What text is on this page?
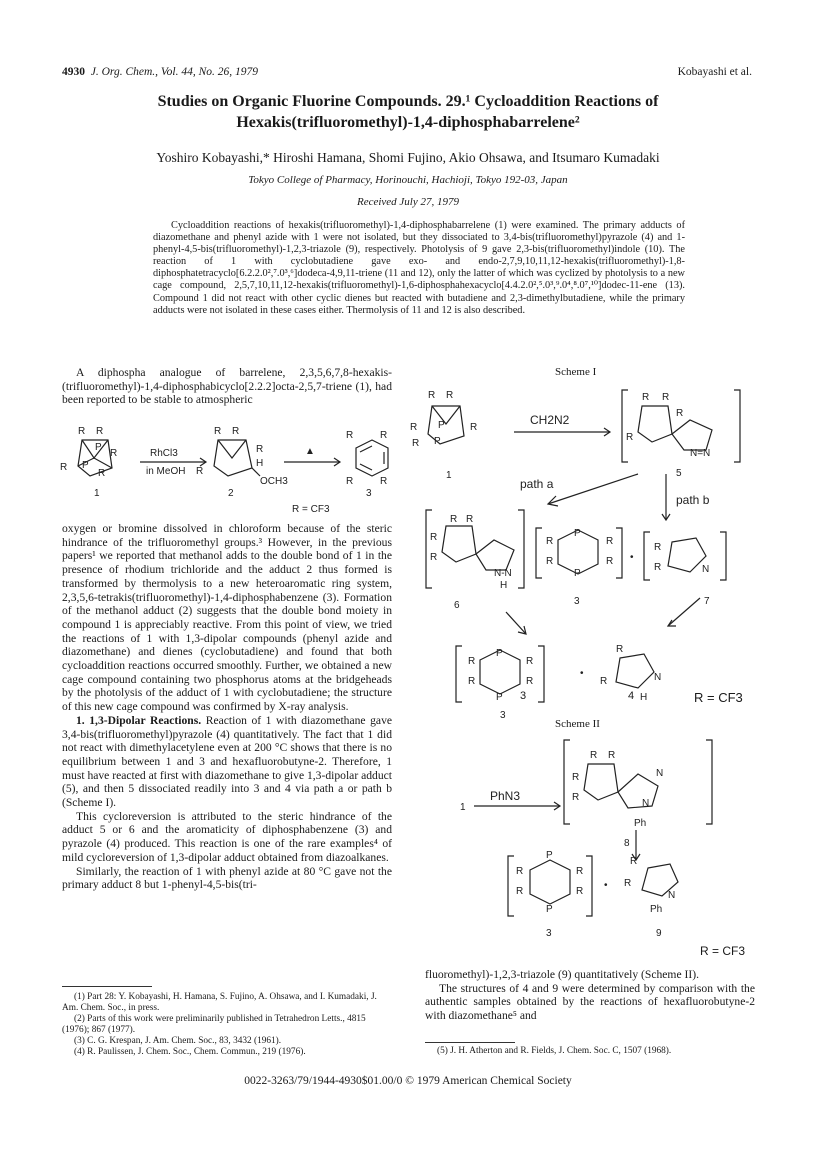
4930 J. Org. Chem., Vol. 44, No. 26, 1979	Kobayashi et al.
Studies on Organic Fluorine Compounds. 29.¹ Cycloaddition Reactions of
Hexakis(trifluoromethyl)-1,4-diphosphabarrelene²
Yoshiro Kobayashi,* Hiroshi Hamana, Shomi Fujino, Akio Ohsawa, and Itsumaro Kumadaki
Tokyo College of Pharmacy, Horinouchi, Hachioji, Tokyo 192-03, Japan
Received July 27, 1979
Cycloaddition reactions of hexakis(trifluoromethyl)-1,4-diphosphabarrelene (1) were examined. The primary adducts of diazomethane and phenyl azide with 1 were not isolated, but they dissociated to 3,4-bis(trifluoromethyl)pyrazole (4) and 1-phenyl-4,5-bis(trifluoromethyl)-1,2,3-triazole (9), respectively. Photolysis of 9 gave 2,3-bis(trifluoromethyl)indole (10). The reaction of 1 with cyclobutadiene gave exo- and endo-2,7,9,10,11,12-hexakis(trifluoromethyl)-1,8-diphosphatetracyclo[6.2.2.0²,⁷.0³,⁶]dodeca-4,9,11-triene (11 and 12), only the latter of which was cyclized by photolysis to a new cage compound, 2,5,7,10,11,12-hexakis(trifluoromethyl)-1,6-diphosphahexacyclo[4.4.2.0²,⁵.0³,⁹.0⁴,⁸.0⁷,¹⁰]dodec-11-ene (13). Compound 1 did not react with other cyclic dienes but reacted with butadiene and 2,3-dimethylbutadiene, while the primary adducts were not isolated in these cases either. Thermolysis of 11 and 12 is also described.

A diphospha analogue of barrelene, 2,3,5,6,7,8-hexakis-(trifluoromethyl)-1,4-diphosphabicyclo[2.2.2]octa-2,5,7-triene (1), had been reported to be stable to atmospheric

R R
R
R P
R
P
RhCl3
in MeOH
R R
R
R
H
OCH3
▲
R	R
R	R
1	2	3
R = CF3

oxygen or bromine dissolved in chloroform because of the steric hindrance of the trifluoromethyl groups.³ However, in the previous papers¹ we reported that methanol adds to the double bond of 1 in the presence of rhodium trichloride and the adduct 2 thus formed is transformed by thermolysis to a new heteroaromatic ring system, 2,3,5,6-tetrakis(trifluoromethyl)-1,4-diphosphabenzene (3). Formation of the methanol adduct (2) suggests that the double bond moiety in compound 1 is appreciably reactive. From this point of view, we tried the reactions of 1 with 1,3-dipolar compounds (phenyl azide and diazomethane) and dienes (cyclobutadiene) and found that both cycloaddition reactions occurred smoothly. Further, we obtained a new cage compound containing two phosphorus atoms at the bridgeheads by the photolysis of the adduct of 1 with cyclobutadiene; the structure of this new cage compound was confirmed by X-ray analysis.

1. 1,3-Dipolar Reactions. Reaction of 1 with diazomethane gave 3,4-bis(trifluoromethyl)pyrazole (4) quantitatively. The fact that 1 did not react with dimethylacetylene even at 200 °C shows that there is no equilibrium between 1 and 3 and hexafluorobutyne-2. Therefore, 1 must have reacted at first with diazomethane to give 1,3-dipolar adduct (5), and then 5 dissociated readily into 3 and 4 via path a or path b (Scheme I).

This cycloreversion is attributed to the steric hindrance of the adduct 5 or 6 and the aromaticity of diphosphabenzene (3) and pyrazole (4) produced. This reaction is one of the rare examples⁴ of mild cycloreversion of 1,3-dipolar adduct obtained from diazoalkanes.

Similarly, the reaction of 1 with phenyl azide at 80 °C gave not the primary adduct 8 but 1-phenyl-4,5-bis(tri-

(1) Part 28: Y. Kobayashi, H. Hamana, S. Fujino, A. Ohsawa, and I. Kumadaki, J. Am. Chem. Soc., in press.
(2) Parts of this work were preliminarily published in Tetrahedron Letts., 4815 (1976); 867 (1977).
(3) C. G. Krespan, J. Am. Chem. Soc., 83, 3432 (1961).
(4) R. Paulissen, J. Chem. Soc., Chem. Commun., 219 (1976).
Scheme I
R R
R	R
R
P
P
CH2N2
R R
R
R
N=N
1	5
path a
path b
R R
R
R
N-N
H
R	R
R	R
P
P
•
R
R	N
6	3	7
R	R
R	R
P
P
•
R
R	N
H
3
3	4	R = CF3
Scheme II
1
PhN3
R R
R
R
N
N
Ph
8
R	R
R	R
P
P
•
R
R
N
Ph
3	9
R = CF3

fluoromethyl)-1,2,3-triazole (9) quantitatively (Scheme II).

The structures of 4 and 9 were determined by comparison with the authentic samples obtained by the reactions of hexafluorobutyne-2 with diazomethane⁵ and

(5) J. H. Atherton and R. Fields, J. Chem. Soc. C, 1507 (1968).
0022-3263/79/1944-4930$01.00/0 © 1979 American Chemical Society
